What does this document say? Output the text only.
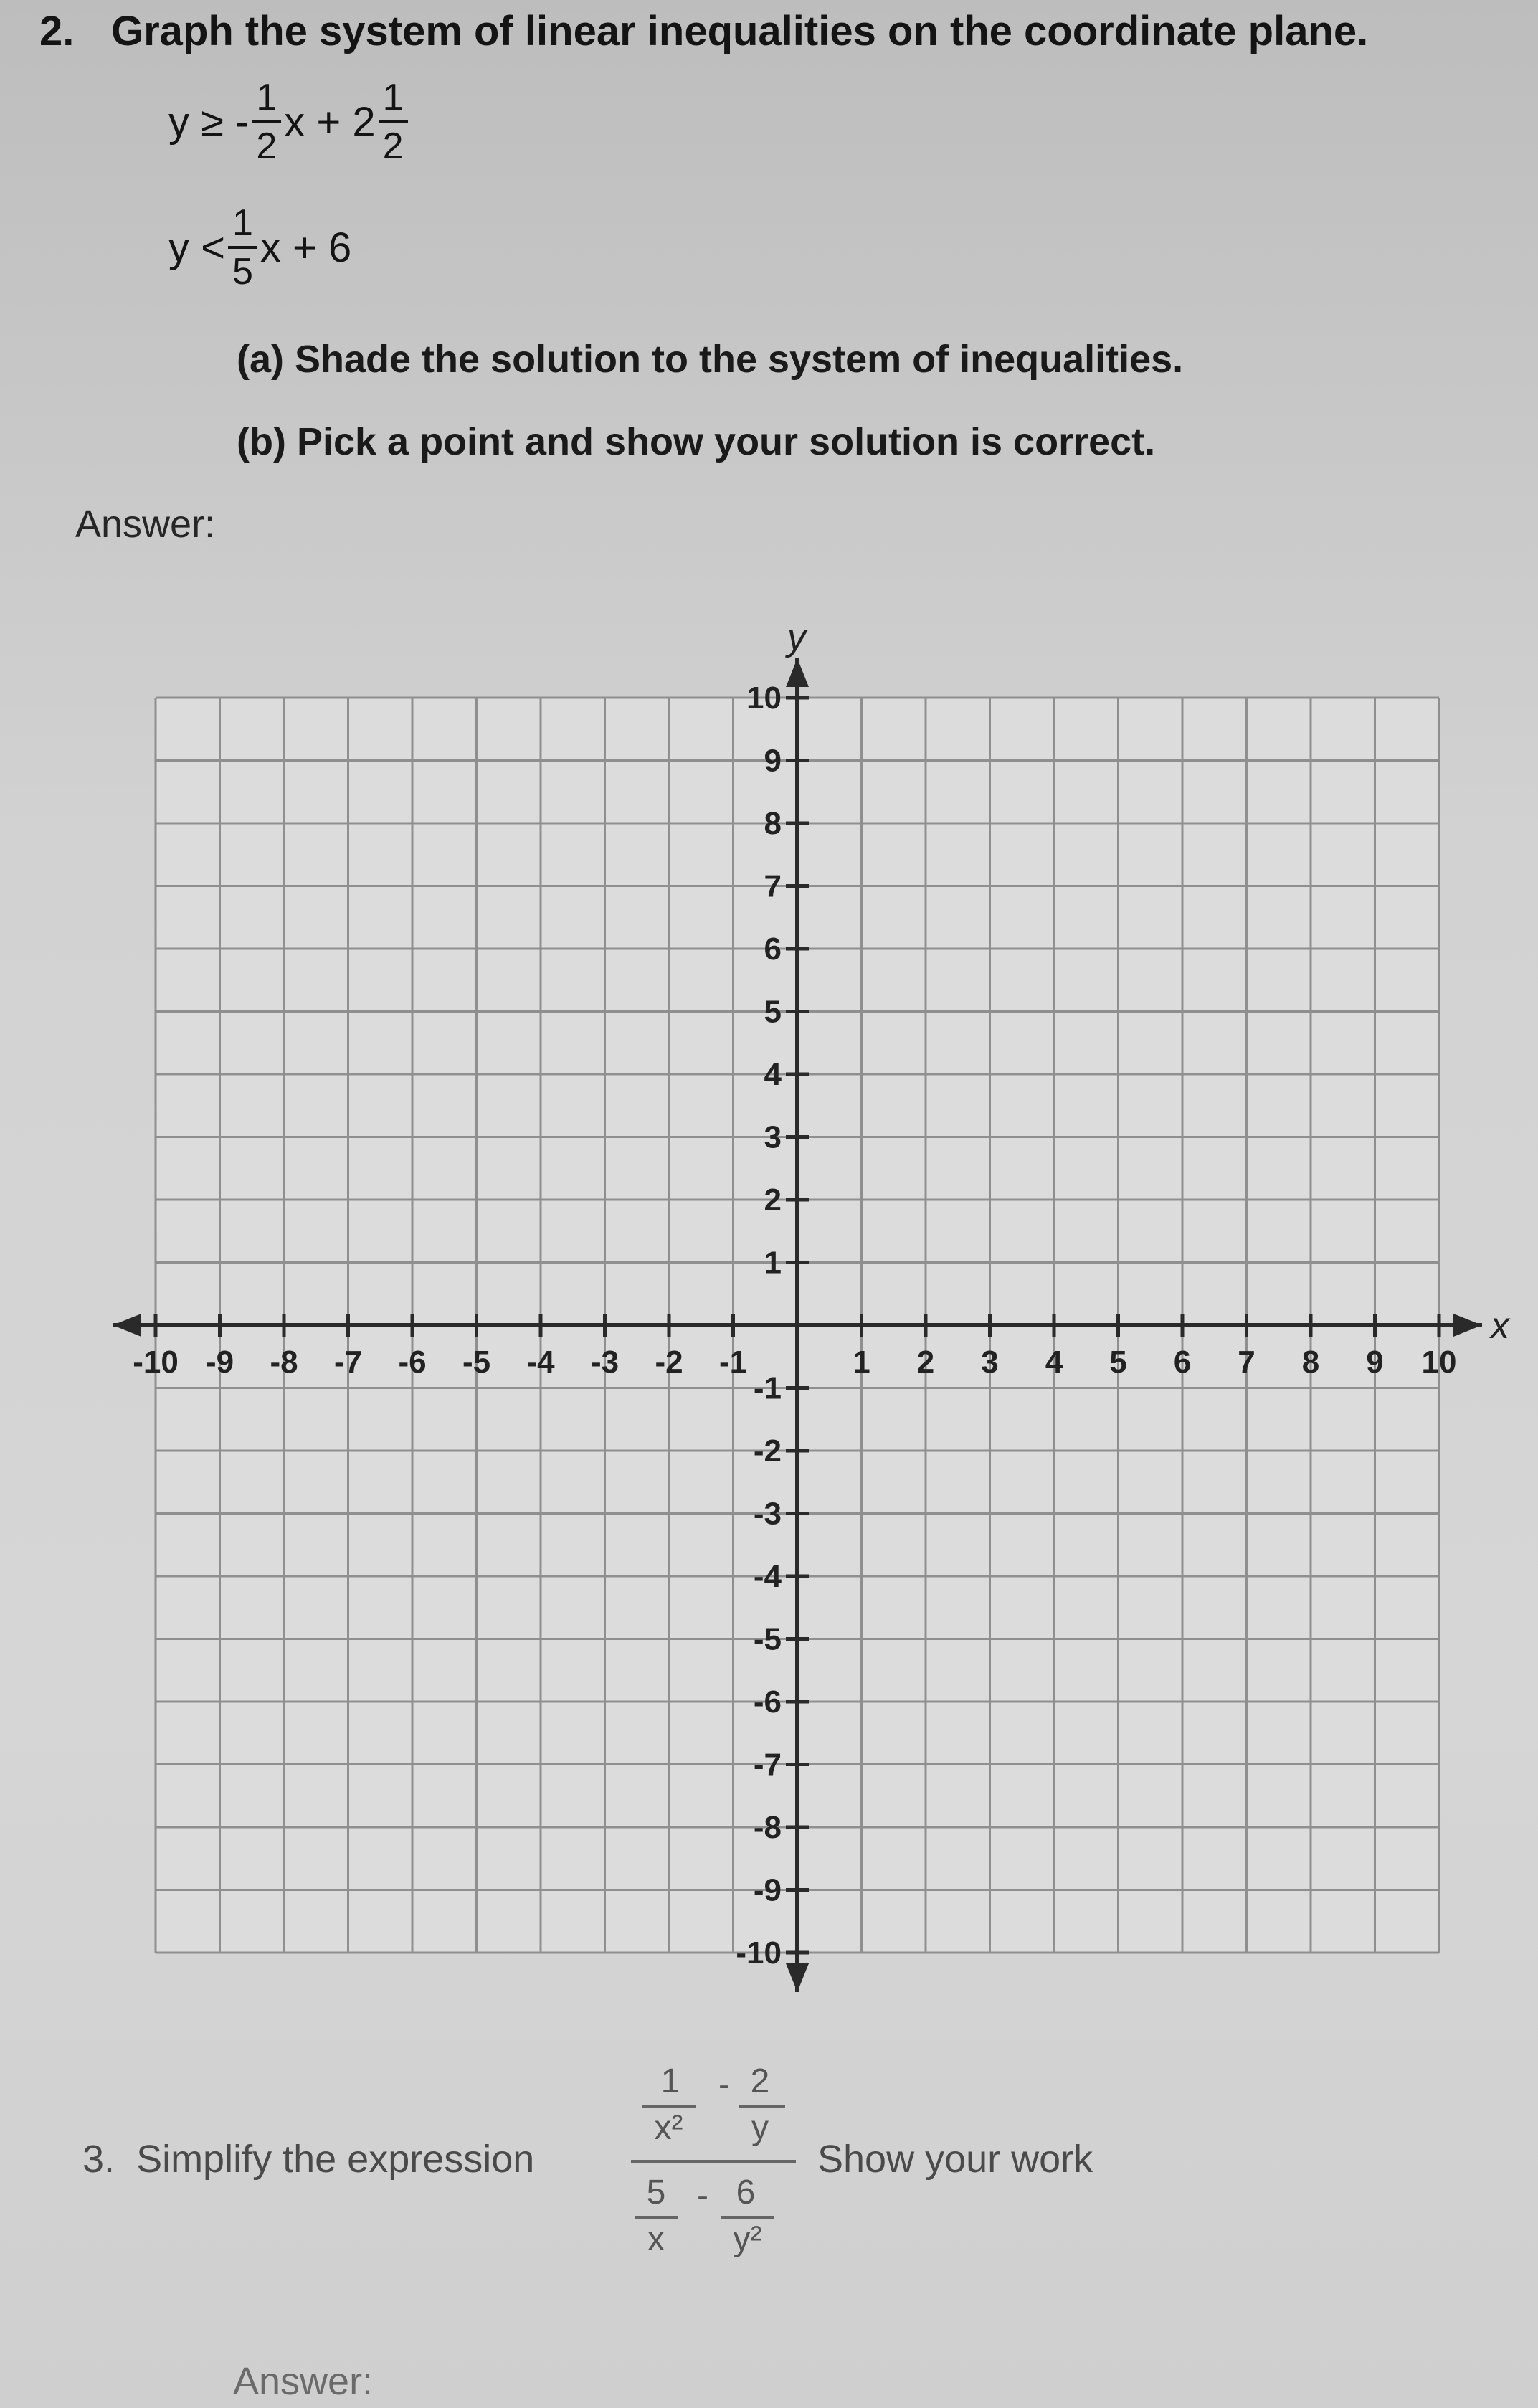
2. Graph the system of linear inequalities on the coordinate plane.
y ≥ - $\frac{1}{2}$ $x + 2 \frac{1}{2}$
$y < \frac{1}{5}$ x + 6
(a) Shade the solution to the system of inequalities.
(b) Pick a point and show your solution is correct.
Answer:
x
y
-10 -9 -8 -7 -6 -5 -4 -3 -2 -1	1 2 3 4 5 6 7 8 9 10
10
9
8
7
6
5
4
3
2
1
-1
-2
-3
-4
-5
-6
-7
-8
-9
-10
3. Simplify the expression
1
x²
- 2
y
5
x
- 6
y²
Show your work
Answer:
